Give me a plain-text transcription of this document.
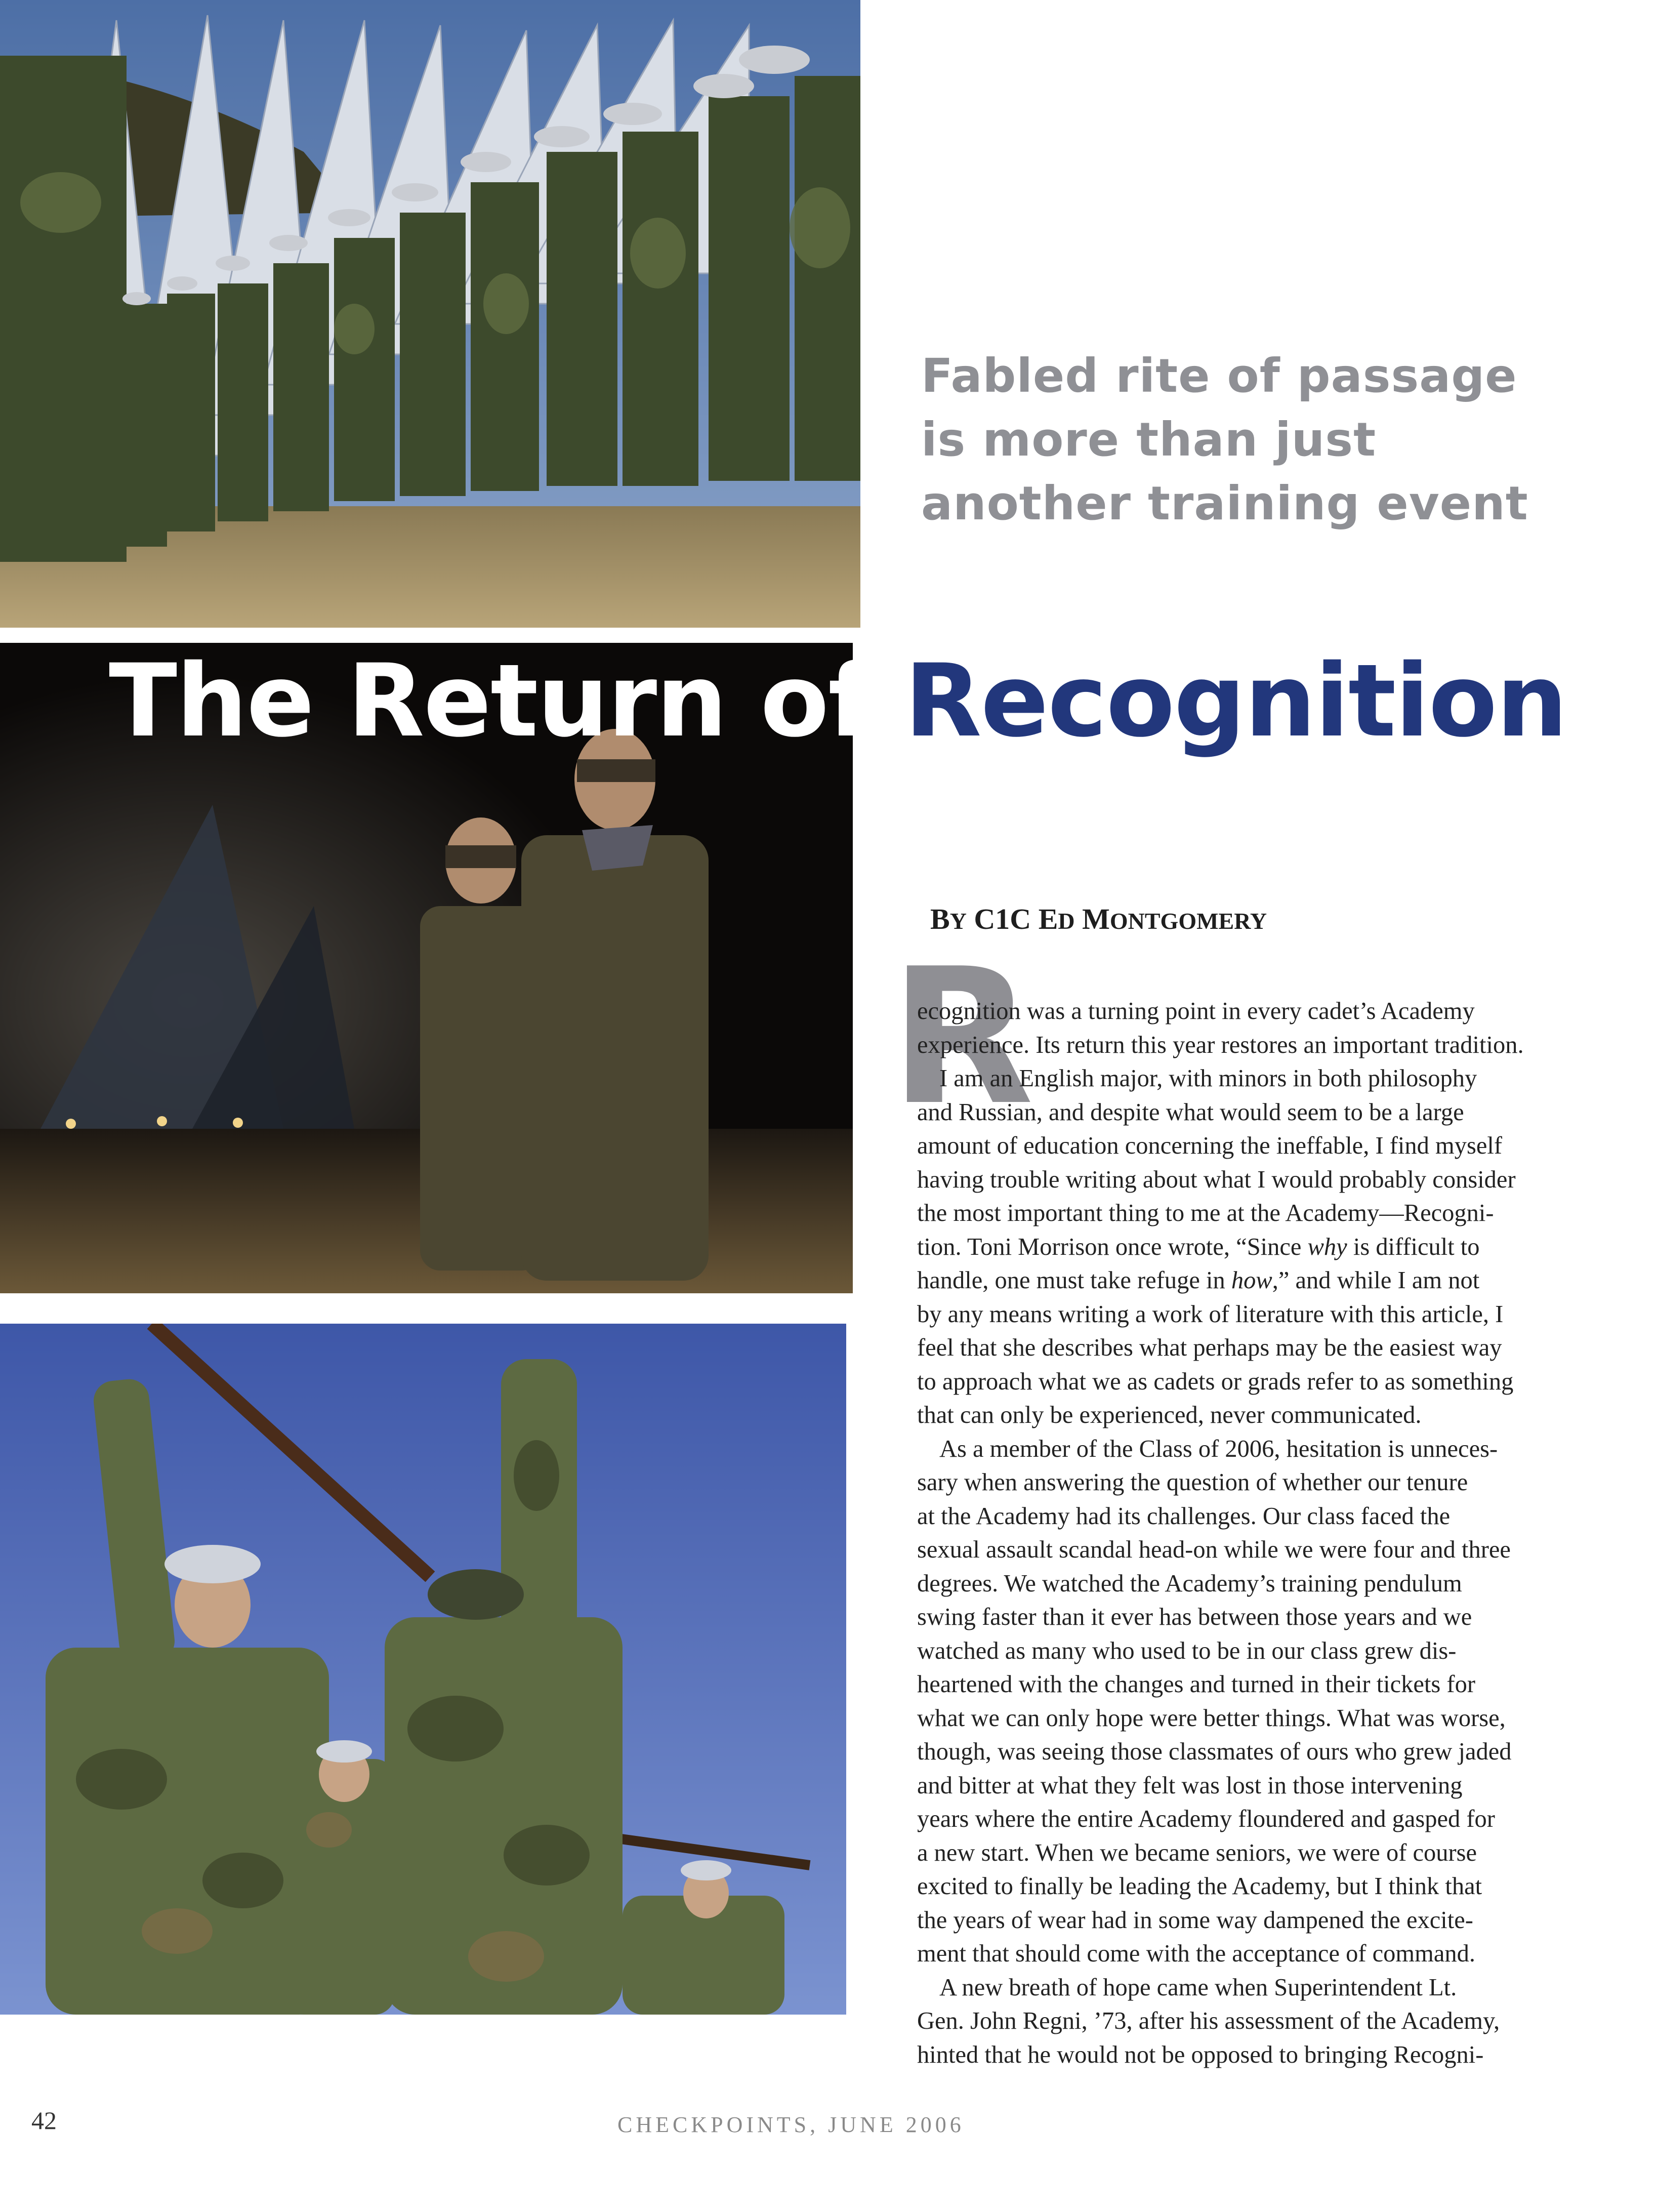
Fabled rite of passage
is more than just
another training event
The Return of Recognition
BY C1C ED MONTGOMERY
R
ecognition was a turning point in every cadet’s Academy
experience. Its return this year restores an important tradition.
I am an English major, with minors in both philosophy
and Russian, and despite what would seem to be a large
amount of education concerning the ineffable, I find myself
having trouble writing about what I would probably consider
the most important thing to me at the Academy—Recogni-
tion. Toni Morrison once wrote, “Since why is difficult to
handle, one must take refuge in how,” and while I am not
by any means writing a work of literature with this article, I
feel that she describes what perhaps may be the easiest way
to approach what we as cadets or grads refer to as something
that can only be experienced, never communicated.
As a member of the Class of 2006, hesitation is unneces-
sary when answering the question of whether our tenure
at the Academy had its challenges. Our class faced the
sexual assault scandal head-on while we were four and three
degrees. We watched the Academy’s training pendulum
swing faster than it ever has between those years and we
watched as many who used to be in our class grew dis-
heartened with the changes and turned in their tickets for
what we can only hope were better things. What was worse,
though, was seeing those classmates of ours who grew jaded
and bitter at what they felt was lost in those intervening
years where the entire Academy floundered and gasped for
a new start. When we became seniors, we were of course
excited to finally be leading the Academy, but I think that
the years of wear had in some way dampened the excite-
ment that should come with the acceptance of command.
A new breath of hope came when Superintendent Lt.
Gen. John Regni, ’73, after his assessment of the Academy,
hinted that he would not be opposed to bringing Recogni-
42	CHECKPOINTS, JUNE 2006
